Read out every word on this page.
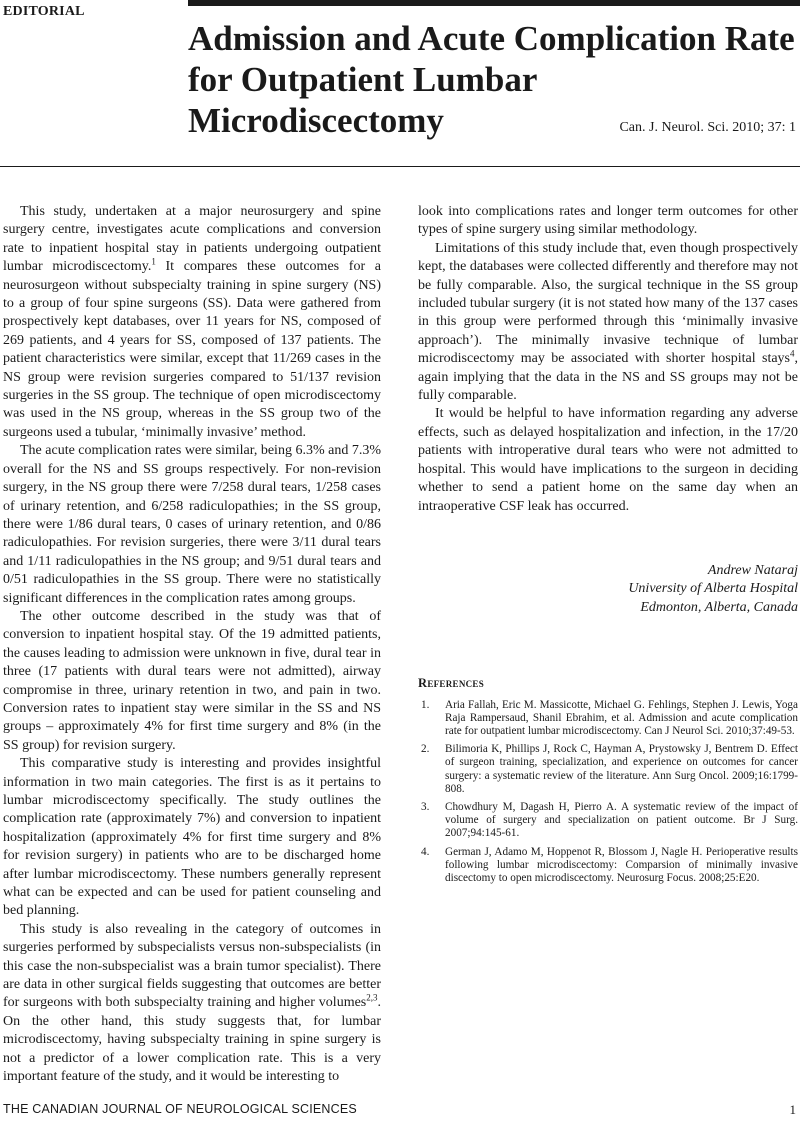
EDITORIAL
Admission and Acute Complication Rate
for Outpatient Lumbar Microdiscectomy	Can. J. Neurol. Sci. 2010; 37: 1

This study, undertaken at a major neurosurgery and spine surgery centre, investigates acute complications and conversion rate to inpatient hospital stay in patients undergoing outpatient lumbar microdiscectomy.$^1$ It compares these outcomes for a neurosurgeon without subspecialty training in spine surgery (NS) to a group of four spine surgeons (SS). Data were gathered from prospectively kept databases, over 11 years for NS, composed of 269 patients, and 4 years for SS, composed of 137 patients. The patient characteristics were similar, except that 11/269 cases in the NS group were revision surgeries compared to 51/137 revision surgeries in the SS group. The technique of open microdiscectomy was used in the NS group, whereas in the SS group two of the surgeons used a tubular, ‘minimally invasive’ method.

The acute complication rates were similar, being 6.3% and 7.3% overall for the NS and SS groups respectively. For non-revision surgery, in the NS group there were 7/258 dural tears, 1/258 cases of urinary retention, and 6/258 radiculopathies; in the SS group, there were 1/86 dural tears, 0 cases of urinary retention, and 0/86 radiculopathies. For revision surgeries, there were 3/11 dural tears and 1/11 radiculopathies in the NS group; and 9/51 dural tears and 0/51 radiculopathies in the SS group. There were no statistically significant differences in the complication rates among groups.

The other outcome described in the study was that of conversion to inpatient hospital stay. Of the 19 admitted patients, the causes leading to admission were unknown in five, dural tear in three (17 patients with dural tears were not admitted), airway compromise in three, urinary retention in two, and pain in two. Conversion rates to inpatient stay were similar in the SS and NS groups – approximately 4% for first time surgery and 8% (in the SS group) for revision surgery.

This comparative study is interesting and provides insightful information in two main categories. The first is as it pertains to lumbar microdiscectomy specifically. The study outlines the complication rate (approximately 7%) and conversion to inpatient hospitalization (approximately 4% for first time surgery and 8% for revision surgery) in patients who are to be discharged home after lumbar microdiscectomy. These numbers generally represent what can be expected and can be used for patient counseling and bed planning.

This study is also revealing in the category of outcomes in surgeries performed by subspecialists versus non-subspecialists (in this case the non-subspecialist was a brain tumor specialist). There are data in other surgical fields suggesting that outcomes are better for surgeons with both subspecialty training and higher volumes$^{2,3}$. On the other hand, this study suggests that, for lumbar microdiscectomy, having subspecialty training in spine surgery is not a predictor of a lower complication rate. This is a very important feature of the study, and it would be interesting to

look into complications rates and longer term outcomes for other types of spine surgery using similar methodology.

Limitations of this study include that, even though prospectively kept, the databases were collected differently and therefore may not be fully comparable. Also, the surgical technique in the SS group included tubular surgery (it is not stated how many of the 137 cases in this group were performed through this ‘minimally invasive approach’). The minimally invasive technique of lumbar microdiscectomy may be associated with shorter hospital stays$^4$, again implying that the data in the NS and SS groups may not be fully comparable.

It would be helpful to have information regarding any adverse effects, such as delayed hospitalization and infection, in the 17/20 patients with introperative dural tears who were not admitted to hospital. This would have implications to the surgeon in deciding whether to send a patient home on the same day when an intraoperative CSF leak has occurred.

Andrew Nataraj
University of Alberta Hospital
Edmonton, Alberta, Canada
References
1.	Aria Fallah, Eric M. Massicotte, Michael G. Fehlings, Stephen J. Lewis, Yoga Raja Rampersaud, Shanil Ebrahim, et al. Admission and acute complication rate for outpatient lumbar microdiscectomy. Can J Neurol Sci. 2010;37:49-53.
2.	Bilimoria K, Phillips J, Rock C, Hayman A, Prystowsky J, Bentrem D. Effect of surgeon training, specialization, and experience on outcomes for cancer surgery: a systematic review of the literature. Ann Surg Oncol. 2009;16:1799-808.
3.	Chowdhury M, Dagash H, Pierro A. A systematic review of the impact of volume of surgery and specialization on patient outcome. Br J Surg. 2007;94:145-61.
4.	German J, Adamo M, Hoppenot R, Blossom J, Nagle H. Perioperative results following lumbar microdiscectomy: Comparsion of minimally invasive discectomy to open microdiscectomy. Neurosurg Focus. 2008;25:E20.
THE CANADIAN JOURNAL OF NEUROLOGICAL SCIENCES	1
